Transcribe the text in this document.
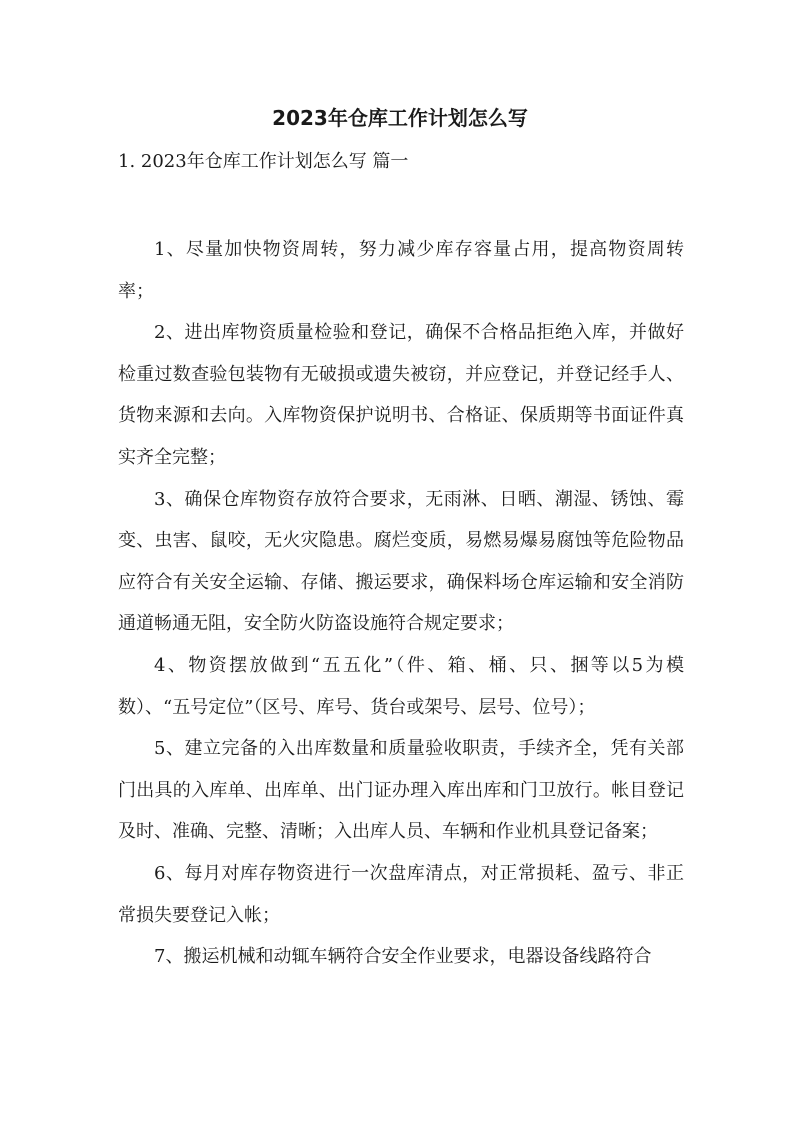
2023年仓库工作计划怎么写

1. 2023年仓库工作计划怎么写 篇一

1、尽量加快物资周转，努力减少库存容量占用，提高物资周转率；

2、进出库物资质量检验和登记，确保不合格品拒绝入库，并做好检重过数查验包装物有无破损或遗失被窃，并应登记，并登记经手人、货物来源和去向。入库物资保护说明书、合格证、保质期等书面证件真实齐全完整；

3、确保仓库物资存放符合要求，无雨淋、日晒、潮湿、锈蚀、霉变、虫害、鼠咬，无火灾隐患。腐烂变质，易燃易爆易腐蚀等危险物品应符合有关安全运输、存储、搬运要求，确保料场仓库运输和安全消防通道畅通无阻，安全防火防盗设施符合规定要求；

4、物资摆放做到“五五化”（件、箱、桶、只、捆等以5为模数）、“五号定位”（区号、库号、货台或架号、层号、位号）；

5、建立完备的入出库数量和质量验收职责，手续齐全，凭有关部门出具的入库单、出库单、出门证办理入库出库和门卫放行。帐目登记及时、准确、完整、清晰；入出库人员、车辆和作业机具登记备案；

6、每月对库存物资进行一次盘库清点，对正常损耗、盈亏、非正常损失要登记入帐；

7、搬运机械和动辄车辆符合安全作业要求，电器设备线路符合
